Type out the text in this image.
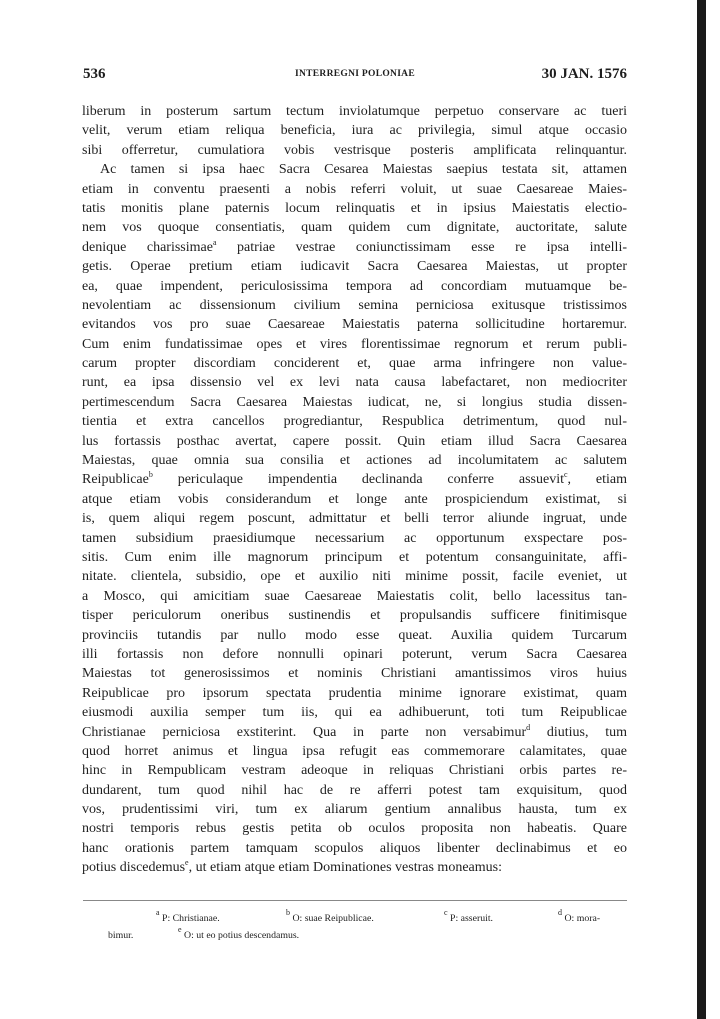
536	INTERREGNI POLONIAE	30 JAN. 1576
liberum in posterum sartum tectum inviolatumque perpetuo conservare ac tueri
velit, verum etiam reliqua beneficia, iura ac privilegia, simul atque occasio
sibi offerretur, cumulatiora vobis vestrisque posteris amplificata relinquantur.
Ac tamen si ipsa haec Sacra Cesarea Maiestas saepius testata sit, attamen
etiam in conventu praesenti a nobis referri voluit, ut suae Caesareae Maies-
tatis monitis plane paternis locum relinquatis et in ipsius Maiestatis electio-
nem vos quoque consentiatis, quam quidem cum dignitate, auctoritate, salute
denique charissimae$^a$ patriae vestrae coniunctissimam esse re ipsa intelli-
getis. Operae pretium etiam iudicavit Sacra Caesarea Maiestas, ut propter
ea, quae impendent, periculosissima tempora ad concordiam mutuamque be-
nevolentiam ac dissensionum civilium semina perniciosa exitusque tristissimos
evitandos vos pro suae Caesareae Maiestatis paterna sollicitudine hortaremur.
Cum enim fundatissimae opes et vires florentissimae regnorum et rerum publi-
carum propter discordiam conciderent et, quae arma infringere non value-
runt, ea ipsa dissensio vel ex levi nata causa labefactaret, non mediocriter
pertimescendum Sacra Caesarea Maiestas iudicat, ne, si longius studia dissen-
tientia et extra cancellos progrediantur, Respublica detrimentum, quod nul-
lus fortassis posthac avertat, capere possit. Quin etiam illud Sacra Caesarea
Maiestas, quae omnia sua consilia et actiones ad incolumitatem ac salutem
Reipublicae$^b$ periculaque impendentia declinanda conferre assuevit$^c$, etiam
atque etiam vobis considerandum et longe ante prospiciendum existimat, si
is, quem aliqui regem poscunt, admittatur et belli terror aliunde ingruat, unde
tamen subsidium praesidiumque necessarium ac opportunum exspectare pos-
sitis. Cum enim ille magnorum principum et potentum consanguinitate, affi-
nitate. clientela, subsidio, ope et auxilio niti minime possit, facile eveniet, ut
a Mosco, qui amicitiam suae Caesareae Maiestatis colit, bello lacessitus tan-
tisper periculorum oneribus sustinendis et propulsandis sufficere finitimisque
provinciis tutandis par nullo modo esse queat. Auxilia quidem Turcarum
illi fortassis non defore nonnulli opinari poterunt, verum Sacra Caesarea
Maiestas tot generosissimos et nominis Christiani amantissimos viros huius
Reipublicae pro ipsorum spectata prudentia minime ignorare existimat, quam
eiusmodi auxilia semper tum iis, qui ea adhibuerunt, toti tum Reipublicae
Christianae perniciosa exstiterint. Qua in parte non versabimur$^d$ diutius, tum
quod horret animus et lingua ipsa refugit eas commemorare calamitates, quae
hinc in Rempublicam vestram adeoque in reliquas Christiani orbis partes re-
dundarent, tum quod nihil hac de re afferri potest tam exquisitum, quod
vos, prudentissimi viri, tum ex aliarum gentium annalibus hausta, tum ex
nostri temporis rebus gestis petita ob oculos proposita non habeatis. Quare
hanc orationis partem tamquam scopulos aliquos libenter declinabimus et eo
potius discedemus$^e$, ut etiam atque etiam Dominationes vestras moneamus:
$^a$ P: Christianae.
$^b$ O: suae Reipublicae.
$^c$ P: asseruit.
$^d$ O: mora-
bimur.
$^e$ O: ut eo potius descendamus.
